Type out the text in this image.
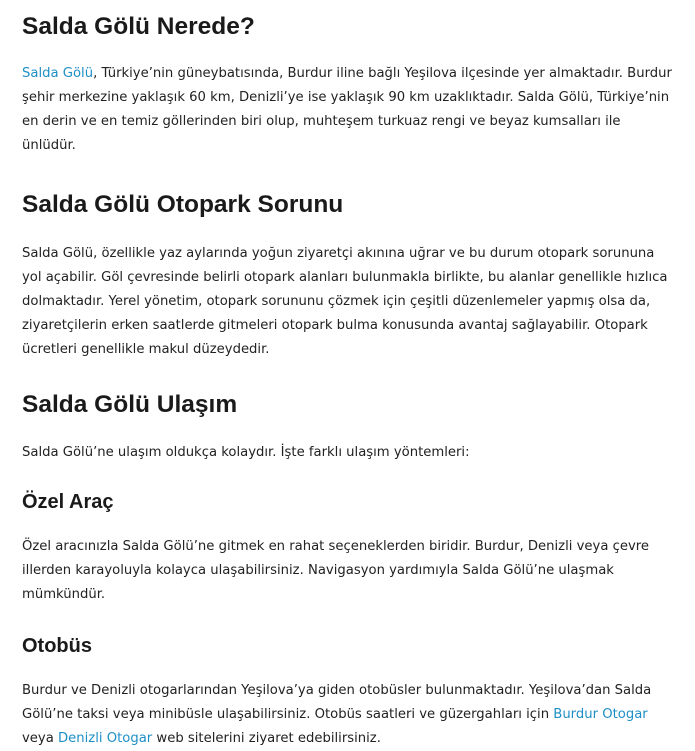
Salda Gölü Nerede?

Salda Gölü, Türkiye’nin güneybatısında, Burdur iline bağlı Yeşilova ilçesinde yer almaktadır. Burdur şehir merkezine yaklaşık 60 km, Denizli’ye ise yaklaşık 90 km uzaklıktadır. Salda Gölü, Türkiye’nin en derin ve en temiz göllerinden biri olup, muhteşem turkuaz rengi ve beyaz kumsalları ile ünlüdür.

Salda Gölü Otopark Sorunu

Salda Gölü, özellikle yaz aylarında yoğun ziyaretçi akınına uğrar ve bu durum otopark sorununa yol açabilir. Göl çevresinde belirli otopark alanları bulunmakla birlikte, bu alanlar genellikle hızlıca dolmaktadır. Yerel yönetim, otopark sorununu çözmek için çeşitli düzenlemeler yapmış olsa da, ziyaretçilerin erken saatlerde gitmeleri otopark bulma konusunda avantaj sağlayabilir. Otopark ücretleri genellikle makul düzeydedir.

Salda Gölü Ulaşım

Salda Gölü’ne ulaşım oldukça kolaydır. İşte farklı ulaşım yöntemleri:

Özel Araç

Özel aracınızla Salda Gölü’ne gitmek en rahat seçeneklerden biridir. Burdur, Denizli veya çevre illerden karayoluyla kolayca ulaşabilirsiniz. Navigasyon yardımıyla Salda Gölü’ne ulaşmak mümkündür.

Otobüs

Burdur ve Denizli otogarlarından Yeşilova’ya giden otobüsler bulunmaktadır. Yeşilova’dan Salda Gölü’ne taksi veya minibüsle ulaşabilirsiniz. Otobüs saatleri ve güzergahları için Burdur Otogar veya Denizli Otogar web sitelerini ziyaret edebilirsiniz.
